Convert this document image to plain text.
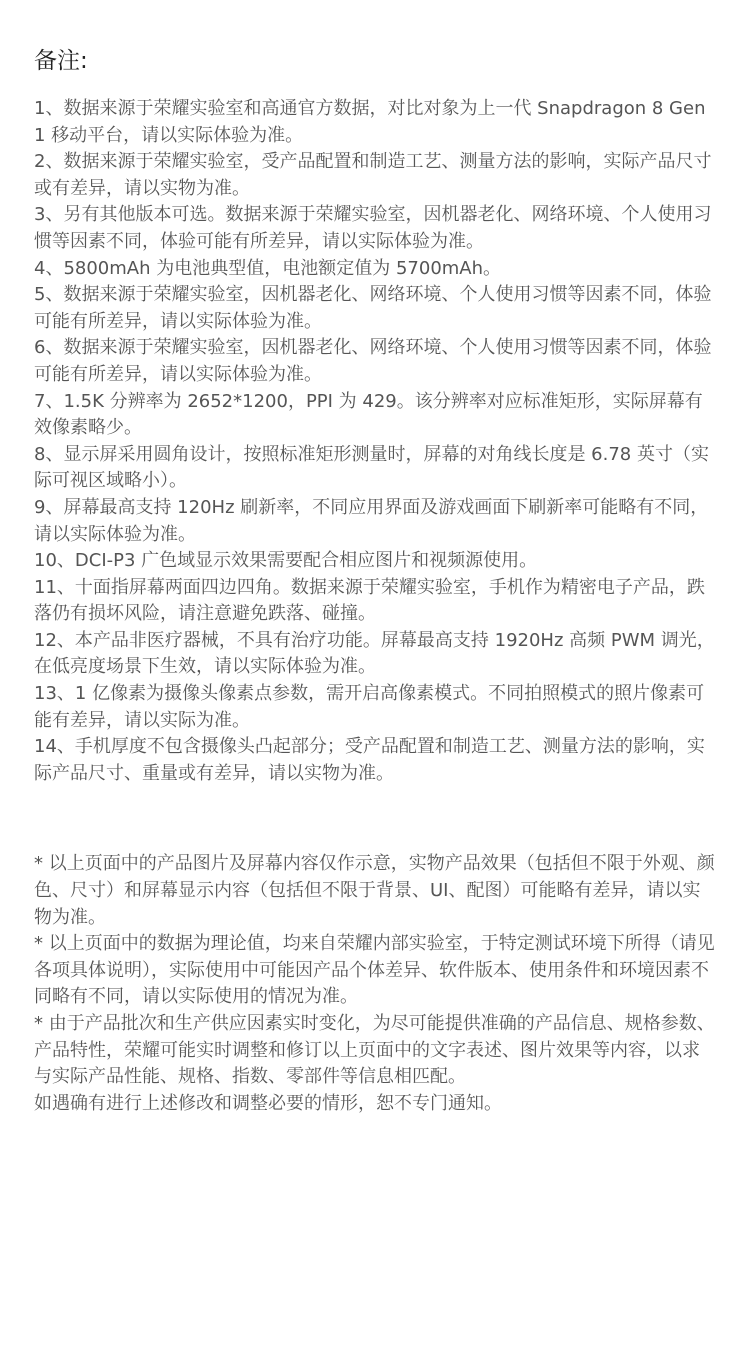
备注:
1、数据来源于荣耀实验室和高通官方数据，对比对象为上一代 Snapdragon 8 Gen 1 移动平台，请以实际体验为准。
2、数据来源于荣耀实验室，受产品配置和制造工艺、测量方法的影响，实际产品尺寸或有差异，请以实物为准。
3、另有其他版本可选。数据来源于荣耀实验室，因机器老化、网络环境、个人使用习惯等因素不同，体验可能有所差异，请以实际体验为准。
4、5800mAh 为电池典型值，电池额定值为 5700mAh。
5、数据来源于荣耀实验室，因机器老化、网络环境、个人使用习惯等因素不同，体验可能有所差异，请以实际体验为准。
6、数据来源于荣耀实验室，因机器老化、网络环境、个人使用习惯等因素不同，体验可能有所差异，请以实际体验为准。
7、1.5K 分辨率为 2652*1200，PPI 为 429。该分辨率对应标准矩形，实际屏幕有效像素略少。
8、显示屏采用圆角设计，按照标准矩形测量时，屏幕的对角线长度是 6.78 英寸（实际可视区域略小）。
9、屏幕最高支持 120Hz 刷新率，不同应用界面及游戏画面下刷新率可能略有不同，请以实际体验为准。
10、DCI-P3 广色域显示效果需要配合相应图片和视频源使用。
11、十面指屏幕两面四边四角。数据来源于荣耀实验室，手机作为精密电子产品，跌落仍有损坏风险，请注意避免跌落、碰撞。
12、本产品非医疗器械，不具有治疗功能。屏幕最高支持 1920Hz 高频 PWM 调光，在低亮度场景下生效，请以实际体验为准。
13、1 亿像素为摄像头像素点参数，需开启高像素模式。不同拍照模式的照片像素可能有差异，请以实际为准。
14、手机厚度不包含摄像头凸起部分；受产品配置和制造工艺、测量方法的影响，实际产品尺寸、重量或有差异，请以实物为准。
* 以上页面中的产品图片及屏幕内容仅作示意，实物产品效果（包括但不限于外观、颜色、尺寸）和屏幕显示内容（包括但不限于背景、UI、配图）可能略有差异，请以实物为准。
* 以上页面中的数据为理论值，均来自荣耀内部实验室，于特定测试环境下所得（请见各项具体说明），实际使用中可能因产品个体差异、软件版本、使用条件和环境因素不同略有不同，请以实际使用的情况为准。
* 由于产品批次和生产供应因素实时变化，为尽可能提供准确的产品信息、规格参数、产品特性，荣耀可能实时调整和修订以上页面中的文字表述、图片效果等内容，以求与实际产品性能、规格、指数、零部件等信息相匹配。
如遇确有进行上述修改和调整必要的情形，恕不专门通知。
